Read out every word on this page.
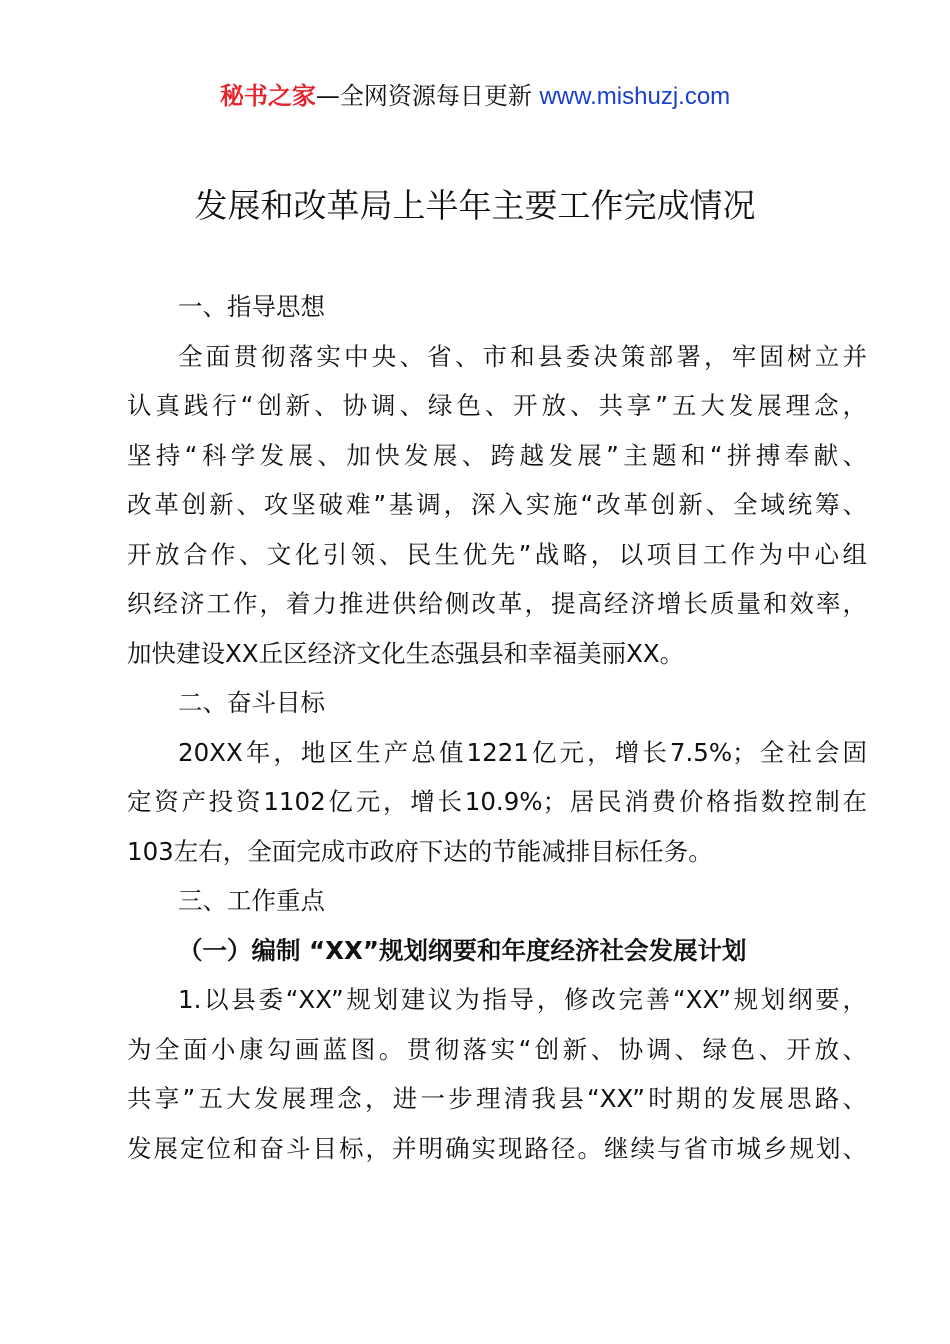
秘书之家—全网资源每日更新 www.mishuzj.com
发展和改革局上半年主要工作完成情况
一、指导思想
全面贯彻落实中央、省、市和县委决策部署，牢固树立并
认真践行“创新、协调、绿色、开放、共享”五大发展理念，
坚持“科学发展、加快发展、跨越发展”主题和“拼搏奉献、
改革创新、攻坚破难”基调，深入实施“改革创新、全域统筹、
开放合作、文化引领、民生优先”战略，以项目工作为中心组
织经济工作，着力推进供给侧改革，提高经济增长质量和效率，
加快建设XX丘区经济文化生态强县和幸福美丽XX。
二、奋斗目标
20XX年，地区生产总值1221亿元，增长7.5%；全社会固
定资产投资1102亿元，增长10.9%；居民消费价格指数控制在
103左右，全面完成市政府下达的节能减排目标任务。
三、工作重点
（一）编制 “XX”规划纲要和年度经济社会发展计划
1.以县委“XX”规划建议为指导，修改完善“XX”规划纲要，
为全面小康勾画蓝图。贯彻落实“创新、协调、绿色、开放、
共享”五大发展理念，进一步理清我县“XX”时期的发展思路、
发展定位和奋斗目标，并明确实现路径。继续与省市城乡规划、
